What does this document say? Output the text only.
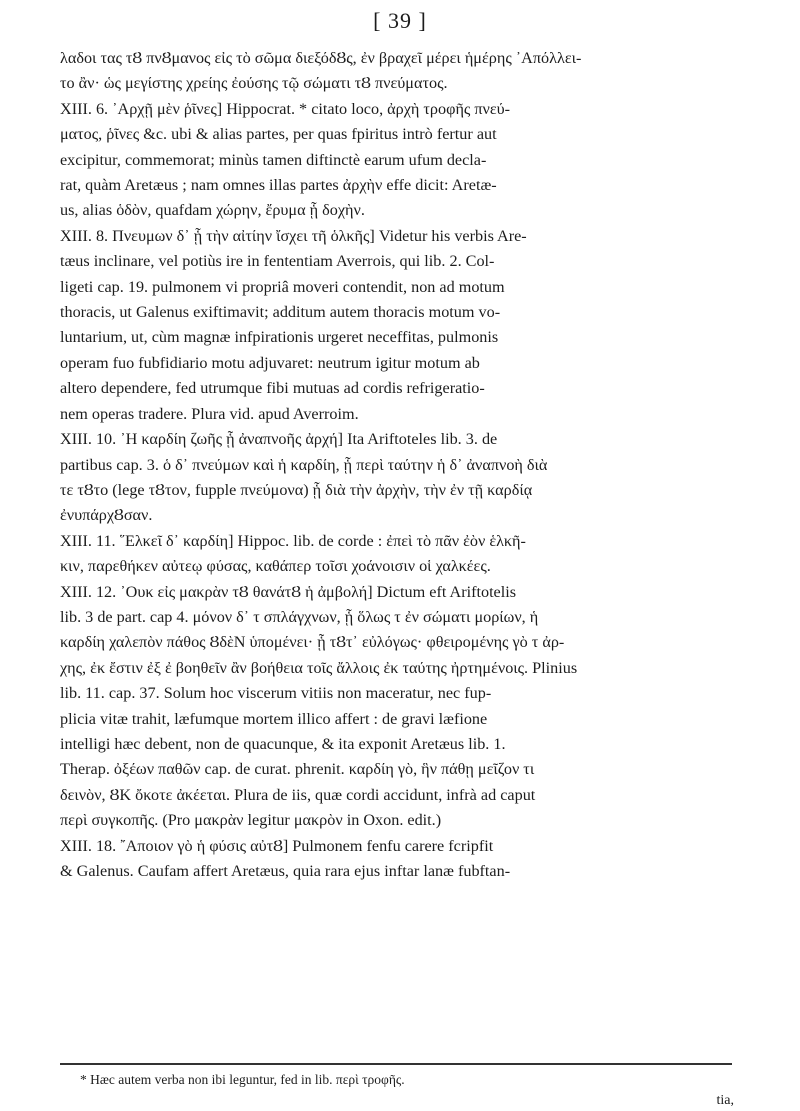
[ 39 ]

λαδοι τας τȢ πνȢμανος εἰς τὸ σῶμα διεξόδȢς, ἐν βραχεῖ μέρει ἡμέρης ᾽Απόλλει-

το ἂν· ὡς μεγίστης χρείης ἐούσης τῷ σώματι τȢ πνεύματος.

XIII. 6. ᾽Αρχῇ μὲν ῥῖνες] Hippocrat. * citato loco, ἀρχὴ τροφῆς πνεύ-

ματος, ῥῖνες &c. ubi & alias partes, per quas fpiritus intrò fertur aut

excipitur, commemorat; minùs tamen diftinctè earum ufum decla-

rat, quàm Aretæus ; nam omnes illas partes ἀρχὴν effe dicit: Aretæ-

us, alias ὁδὸν, quafdam χώρην, ἔρυμα ᾗ δοχὴν.

XIII. 8. Πνευμων δ᾽ ᾗ τὴν αἰτίην ἴσχει τῆ ὁλκῆς] Videtur his verbis Are-

tæus inclinare, vel potiùs ire in fententiam Averrois, qui lib. 2. Col-

ligeti cap. 19. pulmonem vi propriâ moveri contendit, non ad motum

thoracis, ut Galenus exiftimavit; additum autem thoracis motum vo-

luntarium, ut, cùm magnæ infpirationis urgeret neceffitas, pulmonis

operam fuo fubfidiario motu adjuvaret: neutrum igitur motum ab

altero dependere, fed utrumque fibi mutuas ad cordis refrigeratio-

nem operas tradere. Plura vid. apud Averroim.

XIII. 10. ᾽Η καρδίη ζωῆς ᾗ ἀναπνοῆς ἀρχή] Ita Ariftoteles lib. 3. de

partibus cap. 3. ὁ δ᾽ πνεύμων καὶ ἡ καρδίη, ᾗ περὶ ταύτην ἡ δ᾽ ἀναπνοὴ διὰ

τε τȢτο (lege τȢτον, fupple πνεύμονα) ᾗ διὰ τὴν ἀρχὴν, τὴν ἐν τῇ καρδίᾳ

ἐνυπάρχȢσαν.

XIII. 11. ῞Ελκεῖ δ᾽ καρδίη] Hippoc. lib. de corde : ἐπεὶ τὸ πᾶν ἐὸν ἑλκῆ-

κιν, παρεθήκεν αὐτεῳ φύσας, καθάπερ τοῖσι χοάνοισιν οἱ χαλκέες.

XIII. 12. ᾽Ουκ εἰς μακρὰν τȢ θανάτȢ ἡ ἀμβολή] Dictum eft Ariftotelis

lib. 3 de part. cap 4. μόνον δ᾽ τ σπλάγχνων, ᾗ ὅλως τ ἐν σώματι μορίων, ἡ

καρδίη χαλεπὸν πάθος ȢδὲΝ ὑπομένει· ᾗ τȢτ᾽ εὐλόγως· φθειρομένης γὸ τ ἀρ-

χης, ἐκ ἔστιν ἐξ ἐ βοηθεῖν ἂν βοήθεια τοῖς ἄλλοις ἐκ ταύτης ἠρτημένοις. Plinius

lib. 11. cap. 37. Solum hoc viscerum vitiis non maceratur, nec fup-

plicia vitæ trahit, læfumque mortem illico affert : de gravi læfione

intelligi hæc debent, non de quacunque, & ita exponit Aretæus lib. 1.

Therap. ὀξέων παθῶν cap. de curat. phrenit. καρδίη γὸ, ἣν πάθῃ μεῖζον τι

δεινὸν, ȢΚ ὄκοτε ἀκέεται. Plura de iis, quæ cordi accidunt, infrà ad caput

περὶ συγκοπῆς. (Pro μακρὰν legitur μακρὸν in Oxon. edit.)

XIII. 18. ῎Αποιον γὸ ἡ φύσις αὐτȢ] Pulmonem fenfu carere fcripfit

& Galenus. Caufam affert Aretæus, quia rara ejus inftar lanæ fubftan-

* Hæc autem verba non ibi leguntur, fed in lib. περὶ τροφῆς.
tia,
